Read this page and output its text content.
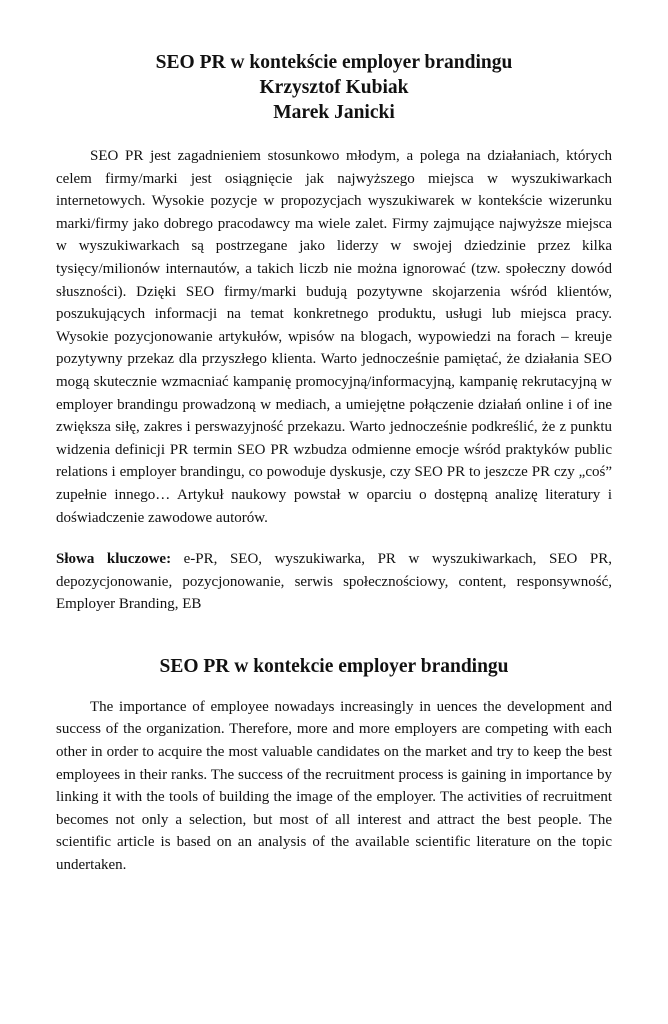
SEO PR w kontekście employer brandingu
Krzysztof Kubiak
Marek Janicki

SEO PR jest zagadnieniem stosunkowo młodym, a polega na działaniach, których celem firmy/marki jest osiągnięcie jak najwyższego miejsca w wyszukiwarkach internetowych. Wysokie pozycje w propozycjach wyszukiwarek w kontekście wizerunku marki/firmy jako dobrego pracodawcy ma wiele zalet. Firmy zajmujące najwyższe miejsca w wyszukiwarkach są postrzegane jako liderzy w swojej dziedzinie przez kilka tysięcy/milionów internautów, a takich liczb nie można ignorować (tzw. społeczny dowód słuszności). Dzięki SEO firmy/marki budują pozytywne skojarzenia wśród klientów, poszukujących informacji na temat konkretnego produktu, usługi lub miejsca pracy. Wysokie pozycjonowanie artykułów, wpisów na blogach, wypowiedzi na forach – kreuje pozytywny przekaz dla przyszłego klienta. Warto jednocześnie pamiętać, że działania SEO mogą skutecznie wzmacniać kampanię promocyjną/informacyjną, kampanię rekrutacyjną w employer brandingu prowadzoną w mediach, a umiejętne połączenie działań online i of ine zwiększa siłę, zakres i perswazyjność przekazu. Warto jednocześnie podkreślić, że z punktu widzenia definicji PR termin SEO PR wzbudza odmienne emocje wśród praktyków public relations i employer brandingu, co powoduje dyskusje, czy SEO PR to jeszcze PR czy „coś” zupełnie innego… Artykuł naukowy powstał w oparciu o dostępną analizę literatury i doświadczenie zawodowe autorów.

Słowa kluczowe: e-PR, SEO, wyszukiwarka, PR w wyszukiwarkach, SEO PR, depozycjonowanie, pozycjonowanie, serwis społecznościowy, content, responsywność, Employer Branding, EB

SEO PR w kontekcie employer brandingu

The importance of employee nowadays increasingly in uences the development and success of the organization. Therefore, more and more employers are competing with each other in order to acquire the most valuable candidates on the market and try to keep the best employees in their ranks. The success of the recruitment process is gaining in importance by linking it with the tools of building the image of the employer. The activities of recruitment becomes not only a selection, but most of all interest and attract the best people. The scientific article is based on an analysis of the available scientific literature on the topic undertaken.
